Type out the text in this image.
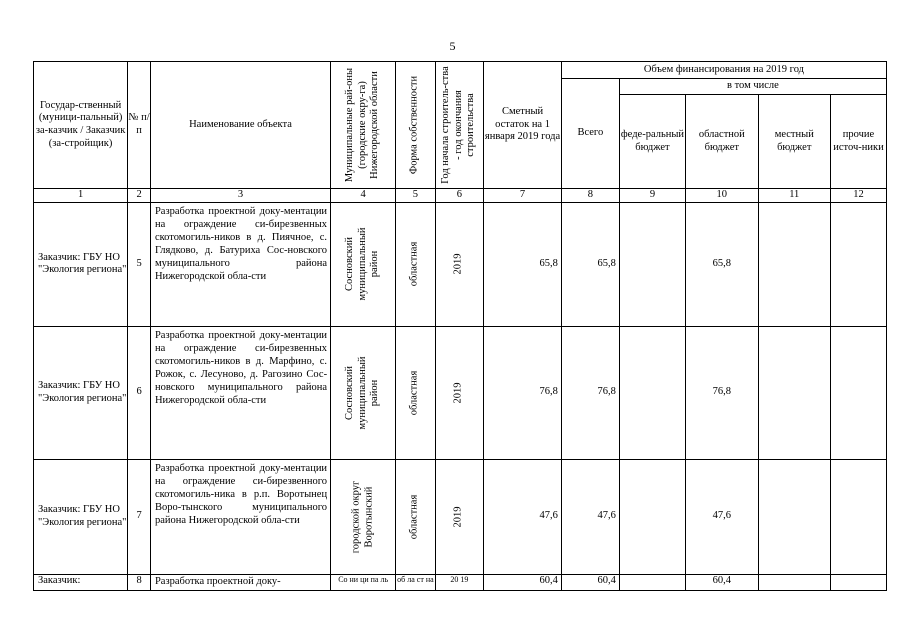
5
Государ-ственный (муници-пальный) за-казчик / Заказчик (за-стройщик)	№ п/п	Наименование объекта	Муниципальные рай-оны (городские окру-га) Нижегородской области	Форма собственности	Год начала строитель-ства - год окончания строительства	Сметный остаток на 1 января 2019 года	Объем финансирования на 2019 год				
							Всего	в том числе			
								феде-ральный бюджет	областной бюджет	местный бюджет	прочие источ-ники
1	2	3	4	5	6	7	8	9	10	11	12
Заказчик: ГБУ НО "Экология региона"	5	Разработка проектной доку-ментации на ограждение си-бирезвенных скотомогиль-ников в д. Пиячное, с. Глядково, д. Батуриха Сос-новского муниципального района Нижегородской обла-сти	Сосновский муниципальный район	областная	2019	65,8	65,8		65,8		
Заказчик: ГБУ НО "Экология региона"	6	Разработка проектной доку-ментации на ограждение си-бирезвенных скотомогиль-ников в д. Марфино, с. Рожок, с. Лесуново, д. Рагозино Сос-новского муниципального района Нижегородской обла-сти	Сосновский муниципальный район	областная	2019	76,8	76,8		76,8		
Заказчик: ГБУ НО "Экология региона"	7	Разработка проектной доку-ментации на ограждение си-бирезвенного скотомогиль-ника в р.п. Воротынец Воро-тынского муниципального района Нижегородской обла-сти	городской округ Воротынский	областная	2019	47,6	47,6		47,6		
Заказчик:	8	Разработка проектной доку-	Со ни ци па ль	об ла ст на	20 19	60,4	60,4		60,4		
